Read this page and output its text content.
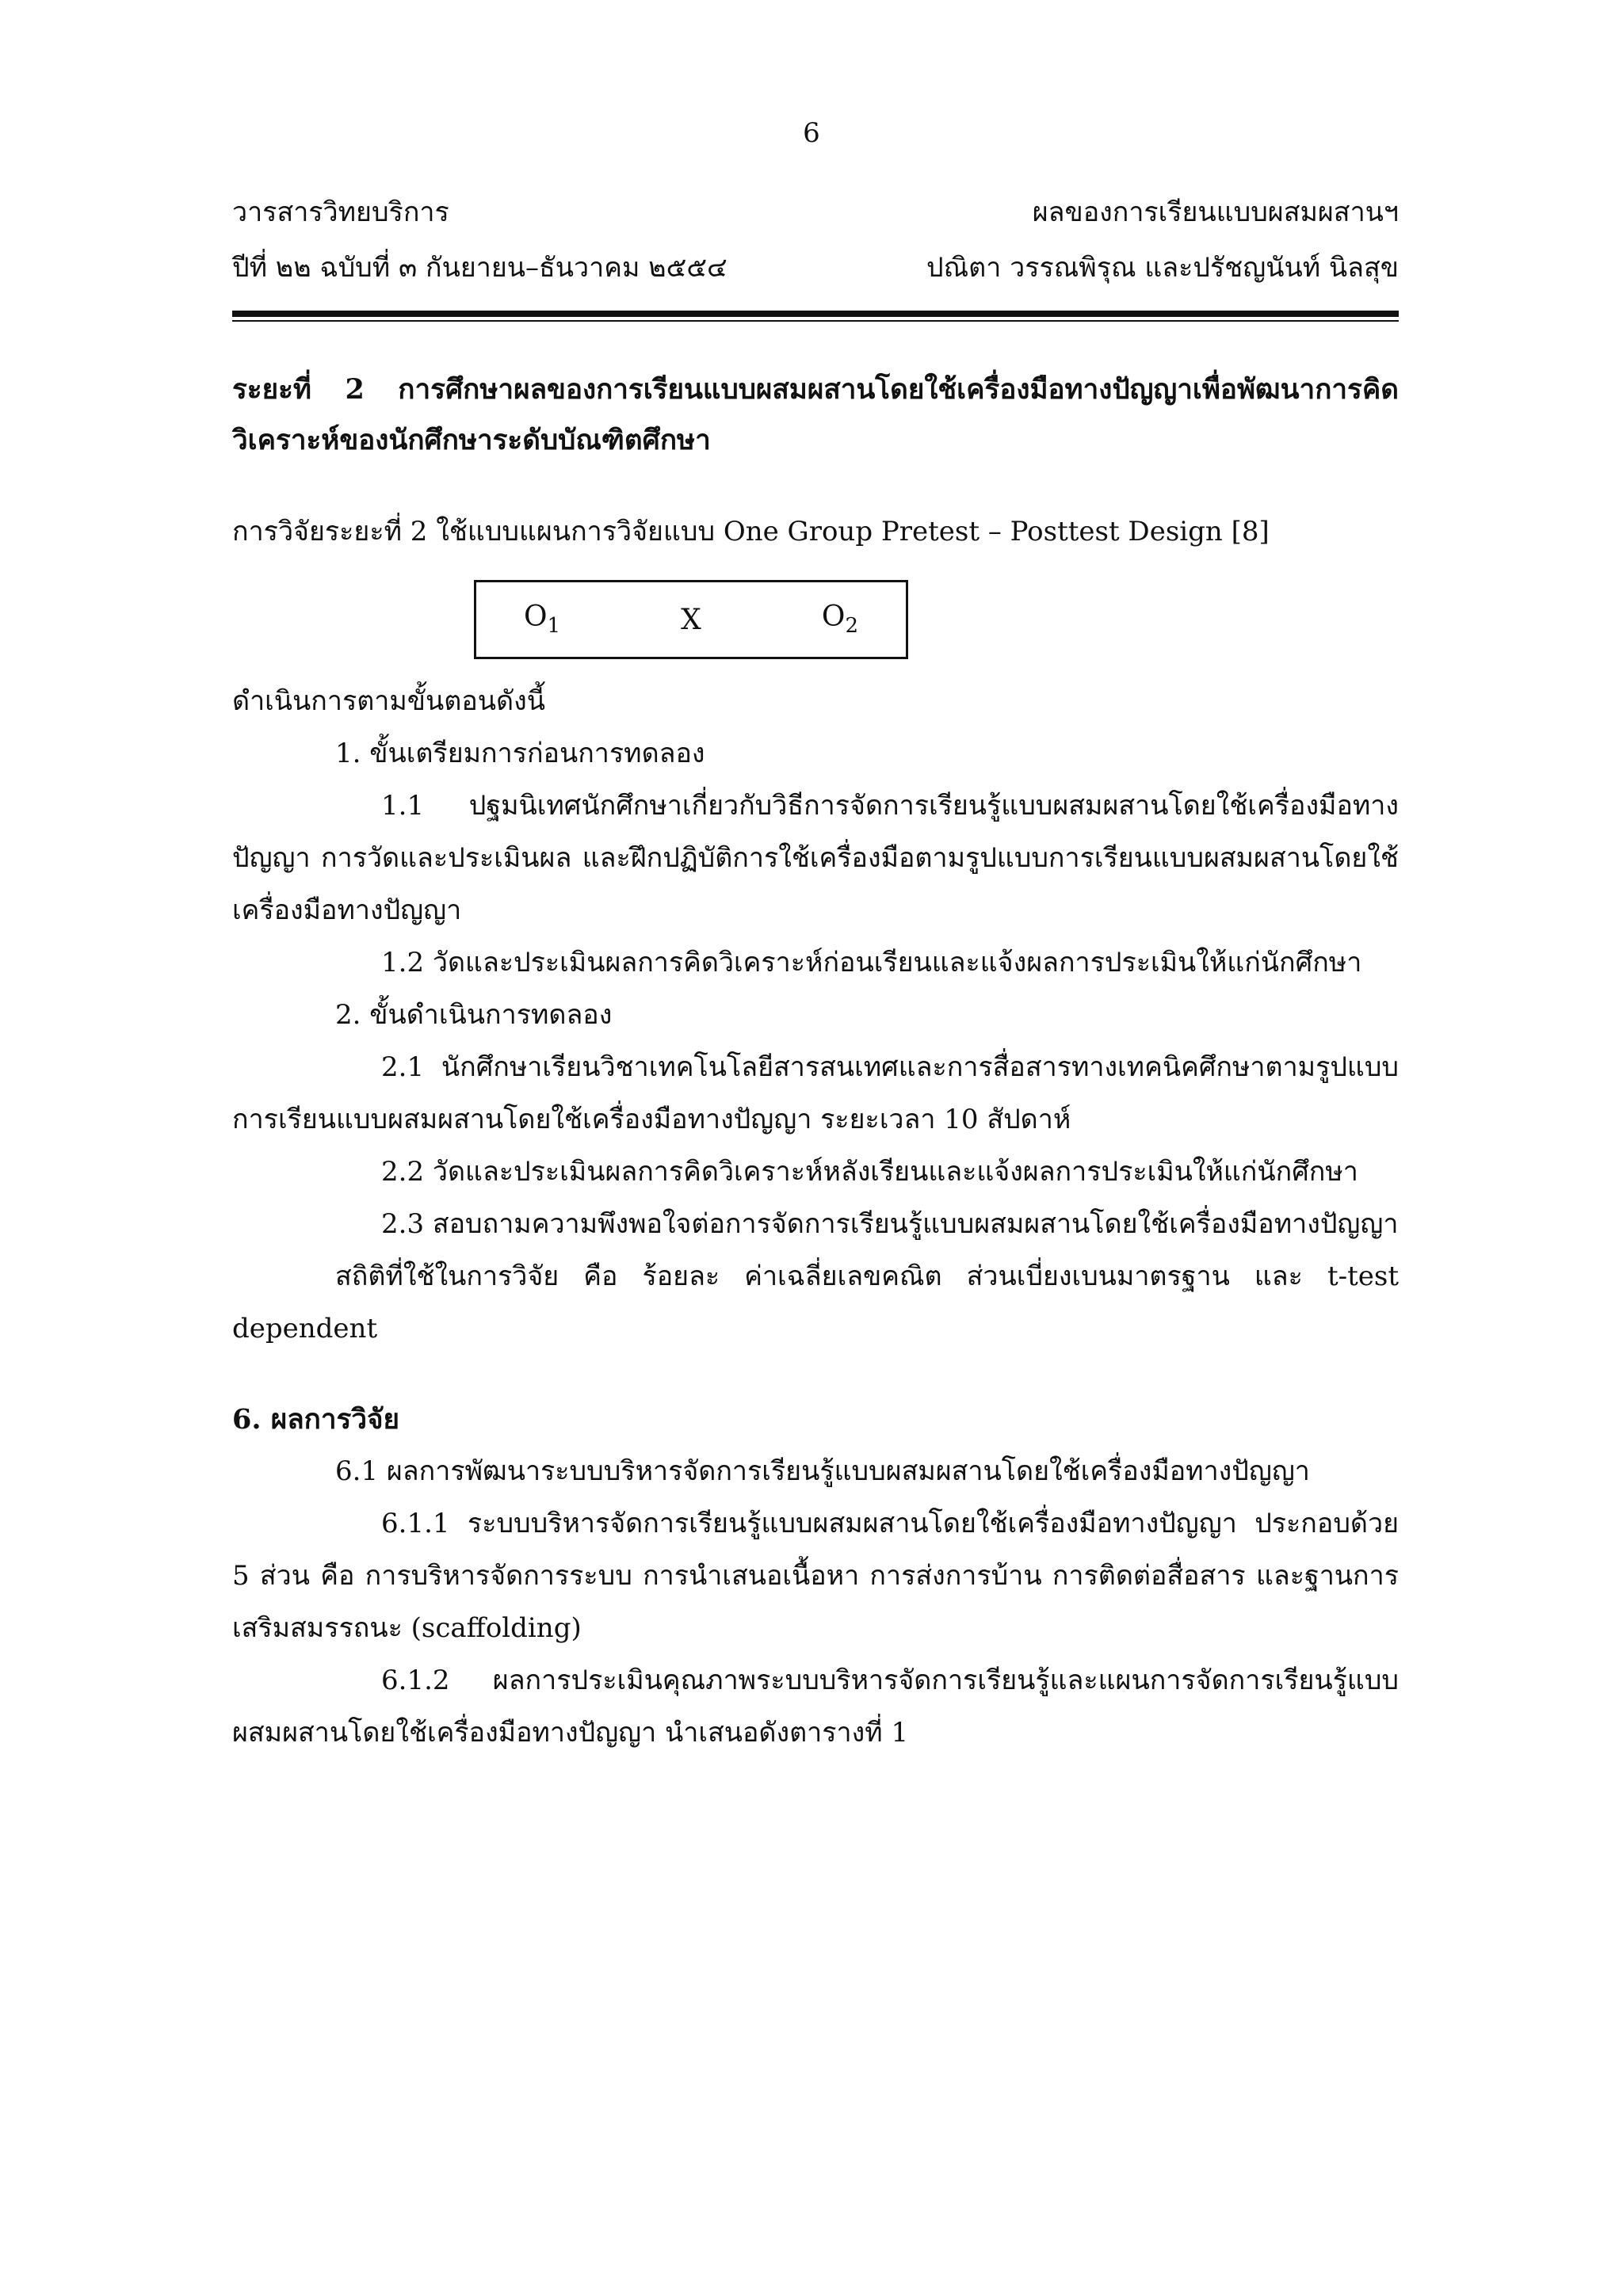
6
วารสารวิทยบริการ
ปีที่ ๒๒ ฉบับที่ ๓ กันยายน–ธันวาคม ๒๕๕๔
ผลของการเรียนแบบผสมผสานฯ
ปณิตา วรรณพิรุณ และปรัชญนันท์ นิลสุข

ระยะที่ 2 การศึกษาผลของการเรียนแบบผสมผสานโดยใช้เครื่องมือทางปัญญาเพื่อพัฒนาการคิดวิเคราะห์ของนักศึกษาระดับบัณฑิตศึกษา

การวิจัยระยะที่ 2 ใช้แบบแผนการวิจัยแบบ One Group Pretest – Posttest Design [8]

$O_1$	X	$O_2$

ดำเนินการตามขั้นตอนดังนี้

1. ขั้นเตรียมการก่อนการทดลอง

1.1 ปฐมนิเทศนักศึกษาเกี่ยวกับวิธีการจัดการเรียนรู้แบบผสมผสานโดยใช้เครื่องมือทางปัญญา การวัดและประเมินผล และฝึกปฏิบัติการใช้เครื่องมือตามรูปแบบการเรียนแบบผสมผสานโดยใช้เครื่องมือทางปัญญา

1.2 วัดและประเมินผลการคิดวิเคราะห์ก่อนเรียนและแจ้งผลการประเมินให้แก่นักศึกษา

2. ขั้นดำเนินการทดลอง

2.1 นักศึกษาเรียนวิชาเทคโนโลยีสารสนเทศและการสื่อสารทางเทคนิคศึกษาตามรูปแบบการเรียนแบบผสมผสานโดยใช้เครื่องมือทางปัญญา ระยะเวลา 10 สัปดาห์

2.2 วัดและประเมินผลการคิดวิเคราะห์หลังเรียนและแจ้งผลการประเมินให้แก่นักศึกษา

2.3 สอบถามความพึงพอใจต่อการจัดการเรียนรู้แบบผสมผสานโดยใช้เครื่องมือทางปัญญา

สถิติที่ใช้ในการวิจัย คือ ร้อยละ ค่าเฉลี่ยเลขคณิต ส่วนเบี่ยงเบนมาตรฐาน และ t-test dependent

6. ผลการวิจัย

6.1 ผลการพัฒนาระบบบริหารจัดการเรียนรู้แบบผสมผสานโดยใช้เครื่องมือทางปัญญา

6.1.1 ระบบบริหารจัดการเรียนรู้แบบผสมผสานโดยใช้เครื่องมือทางปัญญา ประกอบด้วย 5 ส่วน คือ การบริหารจัดการระบบ การนำเสนอเนื้อหา การส่งการบ้าน การติดต่อสื่อสาร และฐานการเสริมสมรรถนะ (scaffolding)

6.1.2 ผลการประเมินคุณภาพระบบบริหารจัดการเรียนรู้และแผนการจัดการเรียนรู้แบบผสมผสานโดยใช้เครื่องมือทางปัญญา นำเสนอดังตารางที่ 1
